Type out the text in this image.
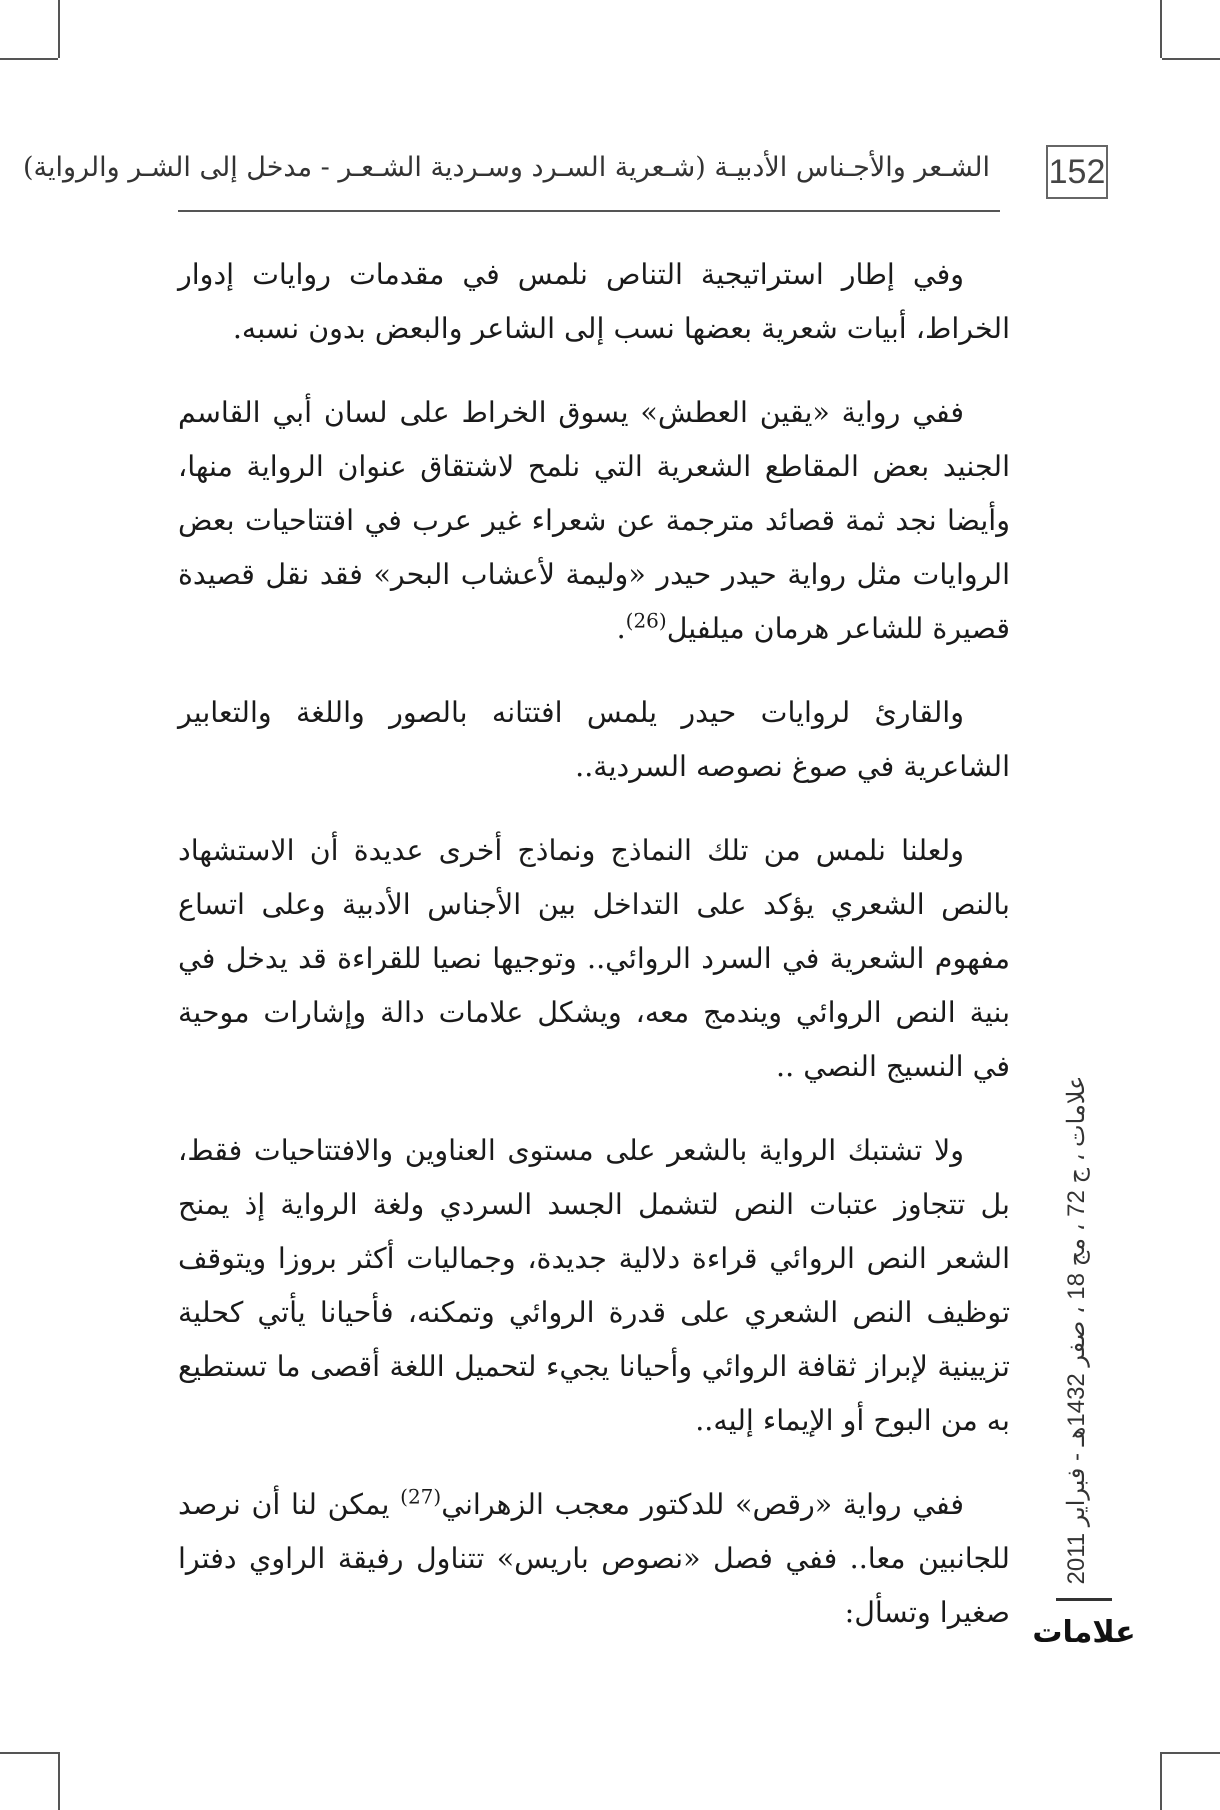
الشـعر والأجـناس الأدبيـة (شـعرية السـرد وسـردية الشـعـر - مدخل إلى الشـر والرواية) 152

وفي إطار استراتيجية التناص نلمس في مقدمات روايات إدوار الخراط، أبيات شعرية بعضها نسب إلى الشاعر والبعض بدون نسبه.

ففي رواية «يقين العطش» يسوق الخراط على لسان أبي القاسم الجنيد بعض المقاطع الشعرية التي نلمح لاشتقاق عنوان الرواية منها، وأيضا نجد ثمة قصائد مترجمة عن شعراء غير عرب في افتتاحيات بعض الروايات مثل رواية حيدر حيدر «وليمة لأعشاب البحر» فقد نقل قصيدة قصيرة للشاعر هرمان ميلفيل$^{(26)}$.

والقارئ لروايات حيدر يلمس افتتانه بالصور واللغة والتعابير الشاعرية في صوغ نصوصه السردية..

ولعلنا نلمس من تلك النماذج ونماذج أخرى عديدة أن الاستشهاد بالنص الشعري يؤكد على التداخل بين الأجناس الأدبية وعلى اتساع مفهوم الشعرية في السرد الروائي.. وتوجيها نصيا للقراءة قد يدخل في بنية النص الروائي ويندمج معه، ويشكل علامات دالة وإشارات موحية في النسيج النصي ..

ولا تشتبك الرواية بالشعر على مستوى العناوين والافتتاحيات فقط، بل تتجاوز عتبات النص لتشمل الجسد السردي ولغة الرواية إذ يمنح الشعر النص الروائي قراءة دلالية جديدة، وجماليات أكثر بروزا ويتوقف توظيف النص الشعري على قدرة الروائي وتمكنه، فأحيانا يأتي كحلية تزيينية لإبراز ثقافة الروائي وأحيانا يجيء لتحميل اللغة أقصى ما تستطيع به من البوح أو الإيماء إليه..

ففي رواية «رقص» للدكتور معجب الزهراني$^{(27)}$ يمكن لنا أن نرصد للجانبين معا.. ففي فصل «نصوص باريس» تتناول رفيقة الراوي دفترا صغيرا وتسأل:

علامات ، ج 72 ، مج 18 ، صفر 1432هـ - فبراير 2011
علامات
